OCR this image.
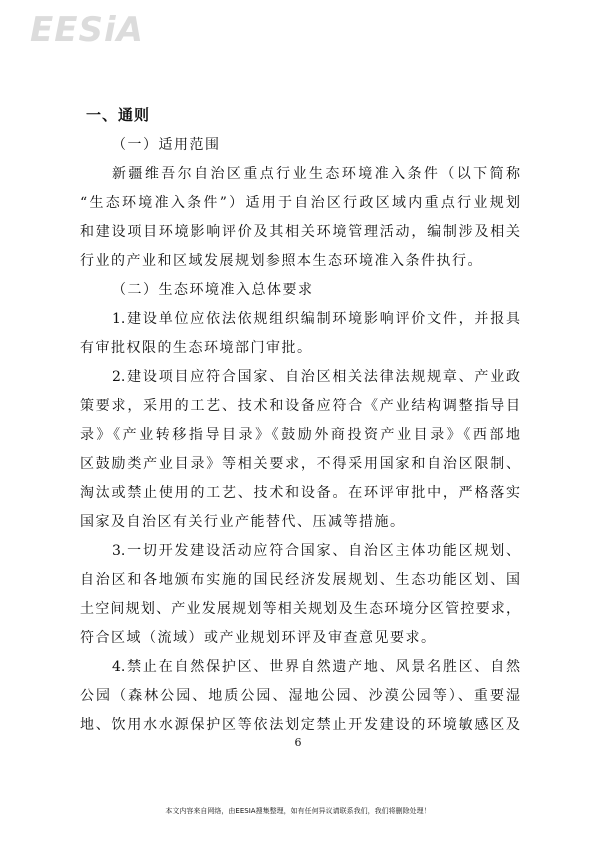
EESiA
一、通则
（一）适用范围
新疆维吾尔自治区重点行业生态环境准入条件（以下简称
“生态环境准入条件”）适用于自治区行政区域内重点行业规划
和建设项目环境影响评价及其相关环境管理活动，编制涉及相关
行业的产业和区域发展规划参照本生态环境准入条件执行。
（二）生态环境准入总体要求
1.建设单位应依法依规组织编制环境影响评价文件，并报具
有审批权限的生态环境部门审批。
2.建设项目应符合国家、自治区相关法律法规规章、产业政
策要求，采用的工艺、技术和设备应符合《产业结构调整指导目
录》《产业转移指导目录》《鼓励外商投资产业目录》《西部地
区鼓励类产业目录》等相关要求，不得采用国家和自治区限制、
淘汰或禁止使用的工艺、技术和设备。在环评审批中，严格落实
国家及自治区有关行业产能替代、压减等措施。
3.一切开发建设活动应符合国家、自治区主体功能区规划、
自治区和各地颁布实施的国民经济发展规划、生态功能区划、国
土空间规划、产业发展规划等相关规划及生态环境分区管控要求，
符合区域（流域）或产业规划环评及审查意见要求。
4.禁止在自然保护区、世界自然遗产地、风景名胜区、自然
公园（森林公园、地质公园、湿地公园、沙漠公园等）、重要湿
地、饮用水水源保护区等依法划定禁止开发建设的环境敏感区及
6
本文内容来自网络，由EESIA搜集整理，如有任何异议请联系我们，我们将删除处理！
